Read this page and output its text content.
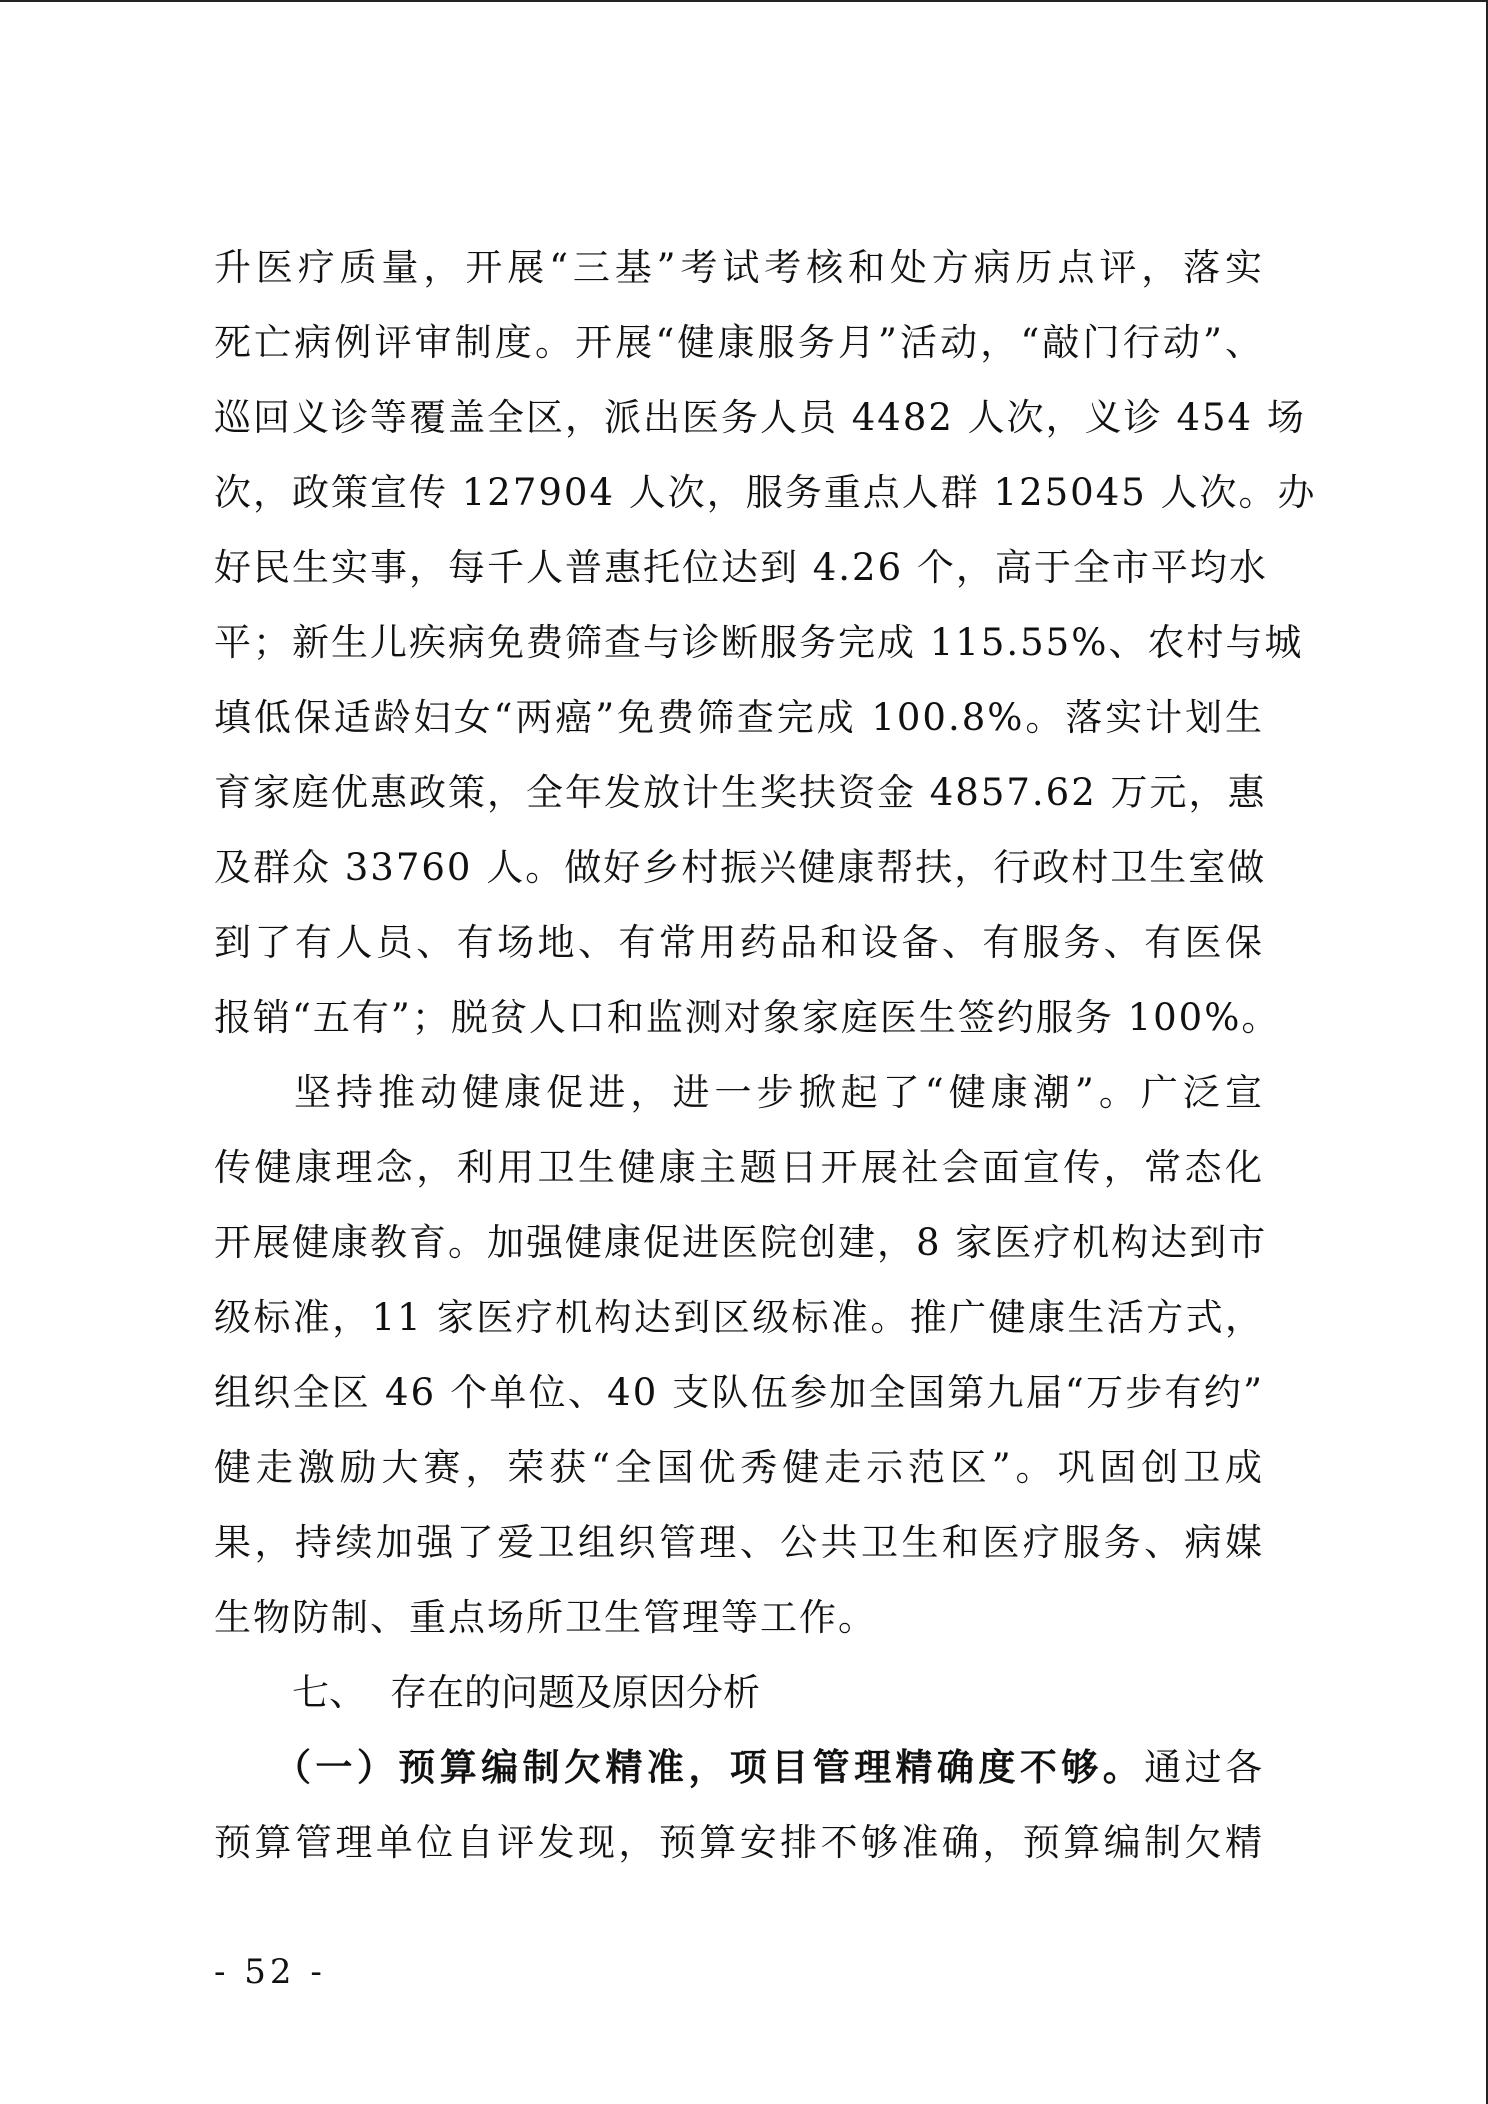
升医疗质量，开展“三基”考试考核和处方病历点评，落实
死亡病例评审制度。开展“健康服务月”活动，“敲门行动”、
巡回义诊等覆盖全区，派出医务人员 4482 人次，义诊 454 场
次，政策宣传 127904 人次，服务重点人群 125045 人次。办
好民生实事，每千人普惠托位达到 4.26 个，高于全市平均水
平；新生儿疾病免费筛查与诊断服务完成 115.55%、农村与城
填低保适龄妇女“两癌”免费筛查完成 100.8%。落实计划生
育家庭优惠政策，全年发放计生奖扶资金 4857.62 万元，惠
及群众 33760 人。做好乡村振兴健康帮扶，行政村卫生室做
到了有人员、有场地、有常用药品和设备、有服务、有医保
报销“五有”；脱贫人口和监测对象家庭医生签约服务 100%。
坚持推动健康促进，进一步掀起了“健康潮”。广泛宣
传健康理念，利用卫生健康主题日开展社会面宣传，常态化
开展健康教育。加强健康促进医院创建，8 家医疗机构达到市
级标准，11 家医疗机构达到区级标准。推广健康生活方式，
组织全区 46 个单位、40 支队伍参加全国第九届“万步有约”
健走激励大赛，荣获“全国优秀健走示范区”。巩固创卫成
果，持续加强了爱卫组织管理、公共卫生和医疗服务、病媒
生物防制、重点场所卫生管理等工作。
七、 存在的问题及原因分析
（一）预算编制欠精准，项目管理精确度不够。通过各
预算管理单位自评发现，预算安排不够准确，预算编制欠精
- 52 -
